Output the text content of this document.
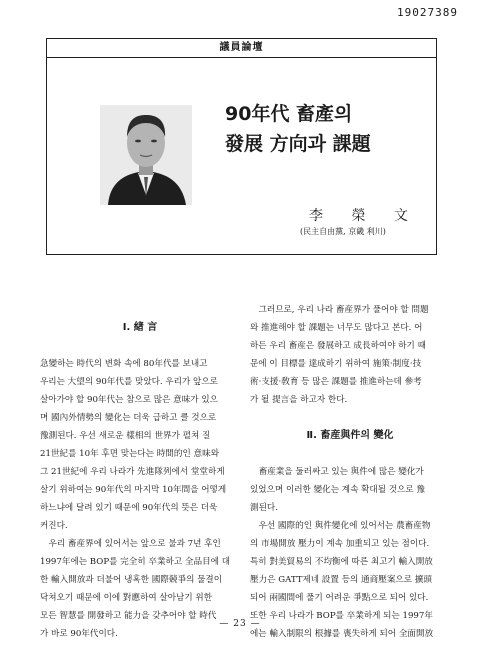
19027389
議員論壇
90年代 畜產의
發展 方向과 課題
李 榮 文
(民主自由黨, 京畿 利川)
Ⅰ. 緖 言
急變하는 時代의 변화 속에 80年代를 보내고
우리는 大望의 90年代를 맞았다. 우리가 앞으로
살아가야 할 90年代는 참으로 많은 意味가 있으
며 國內外情勢의 變化는 더욱 급하고 클 것으로
豫測된다. 우선 새로운 樣相의 世界가 펼쳐 질
21世紀를 10年 후면 맞는다는 時間的인 意味와
그 21世紀에 우리 나라가 先進隊列에서 堂堂하게
살기 위하여는 90年代의 마지막 10年間을 어떻게
하느냐에 달려 있기 때문에 90年代의 뜻은 더욱
커진다.
　우리 畜産界에 있어서는 앞으로 불과 7년 후인
1997年에는 BOP를 完全히 卒業하고 全品目에 대
한 輸入開放과 더불어 냉혹한 國際競爭의 물결이
닥쳐오기 때문에 이에 對應하여 살아남기 위한
모든 智慧를 開發하고 能力을 갖추어야 할 時代
가 바로 90年代이다.
　그러므로, 우리 나라 畜産界가 풀어야 할 問題
와 推進해야 할 課題는 너무도 많다고 본다. 어
하든 우리 畜産은 發展하고 成長하여야 하기 때
문에 이 目標를 達成하기 위하여 施策·制度·技
術·支援·敎育 등 많은 課題를 推進하는데 參考
가 될 提言을 하고자 한다.
Ⅱ. 畜産與件의 變化
　畜産業을 둘러싸고 있는 與件에 많은 變化가
있었으며 이러한 變化는 계속 확대될 것으로 豫
測된다.
　우선 國際的인 與件變化에 있어서는 農畜産物
의 市場開放 壓力이 계속 加重되고 있는 점이다.
특히 對美貿易의 不均衡에 따른 최고기 輸入開放
壓力은 GATT제네 設置 등의 通商壓案으로 擴頭
되어 兩國間에 풀기 어려운 爭點으로 되어 있다.
또한 우리 나라가 BOP를 卒業하게 되는 1997年
에는 輸入制限의 根據를 喪失하게 되어 全面開放
— 23 —
